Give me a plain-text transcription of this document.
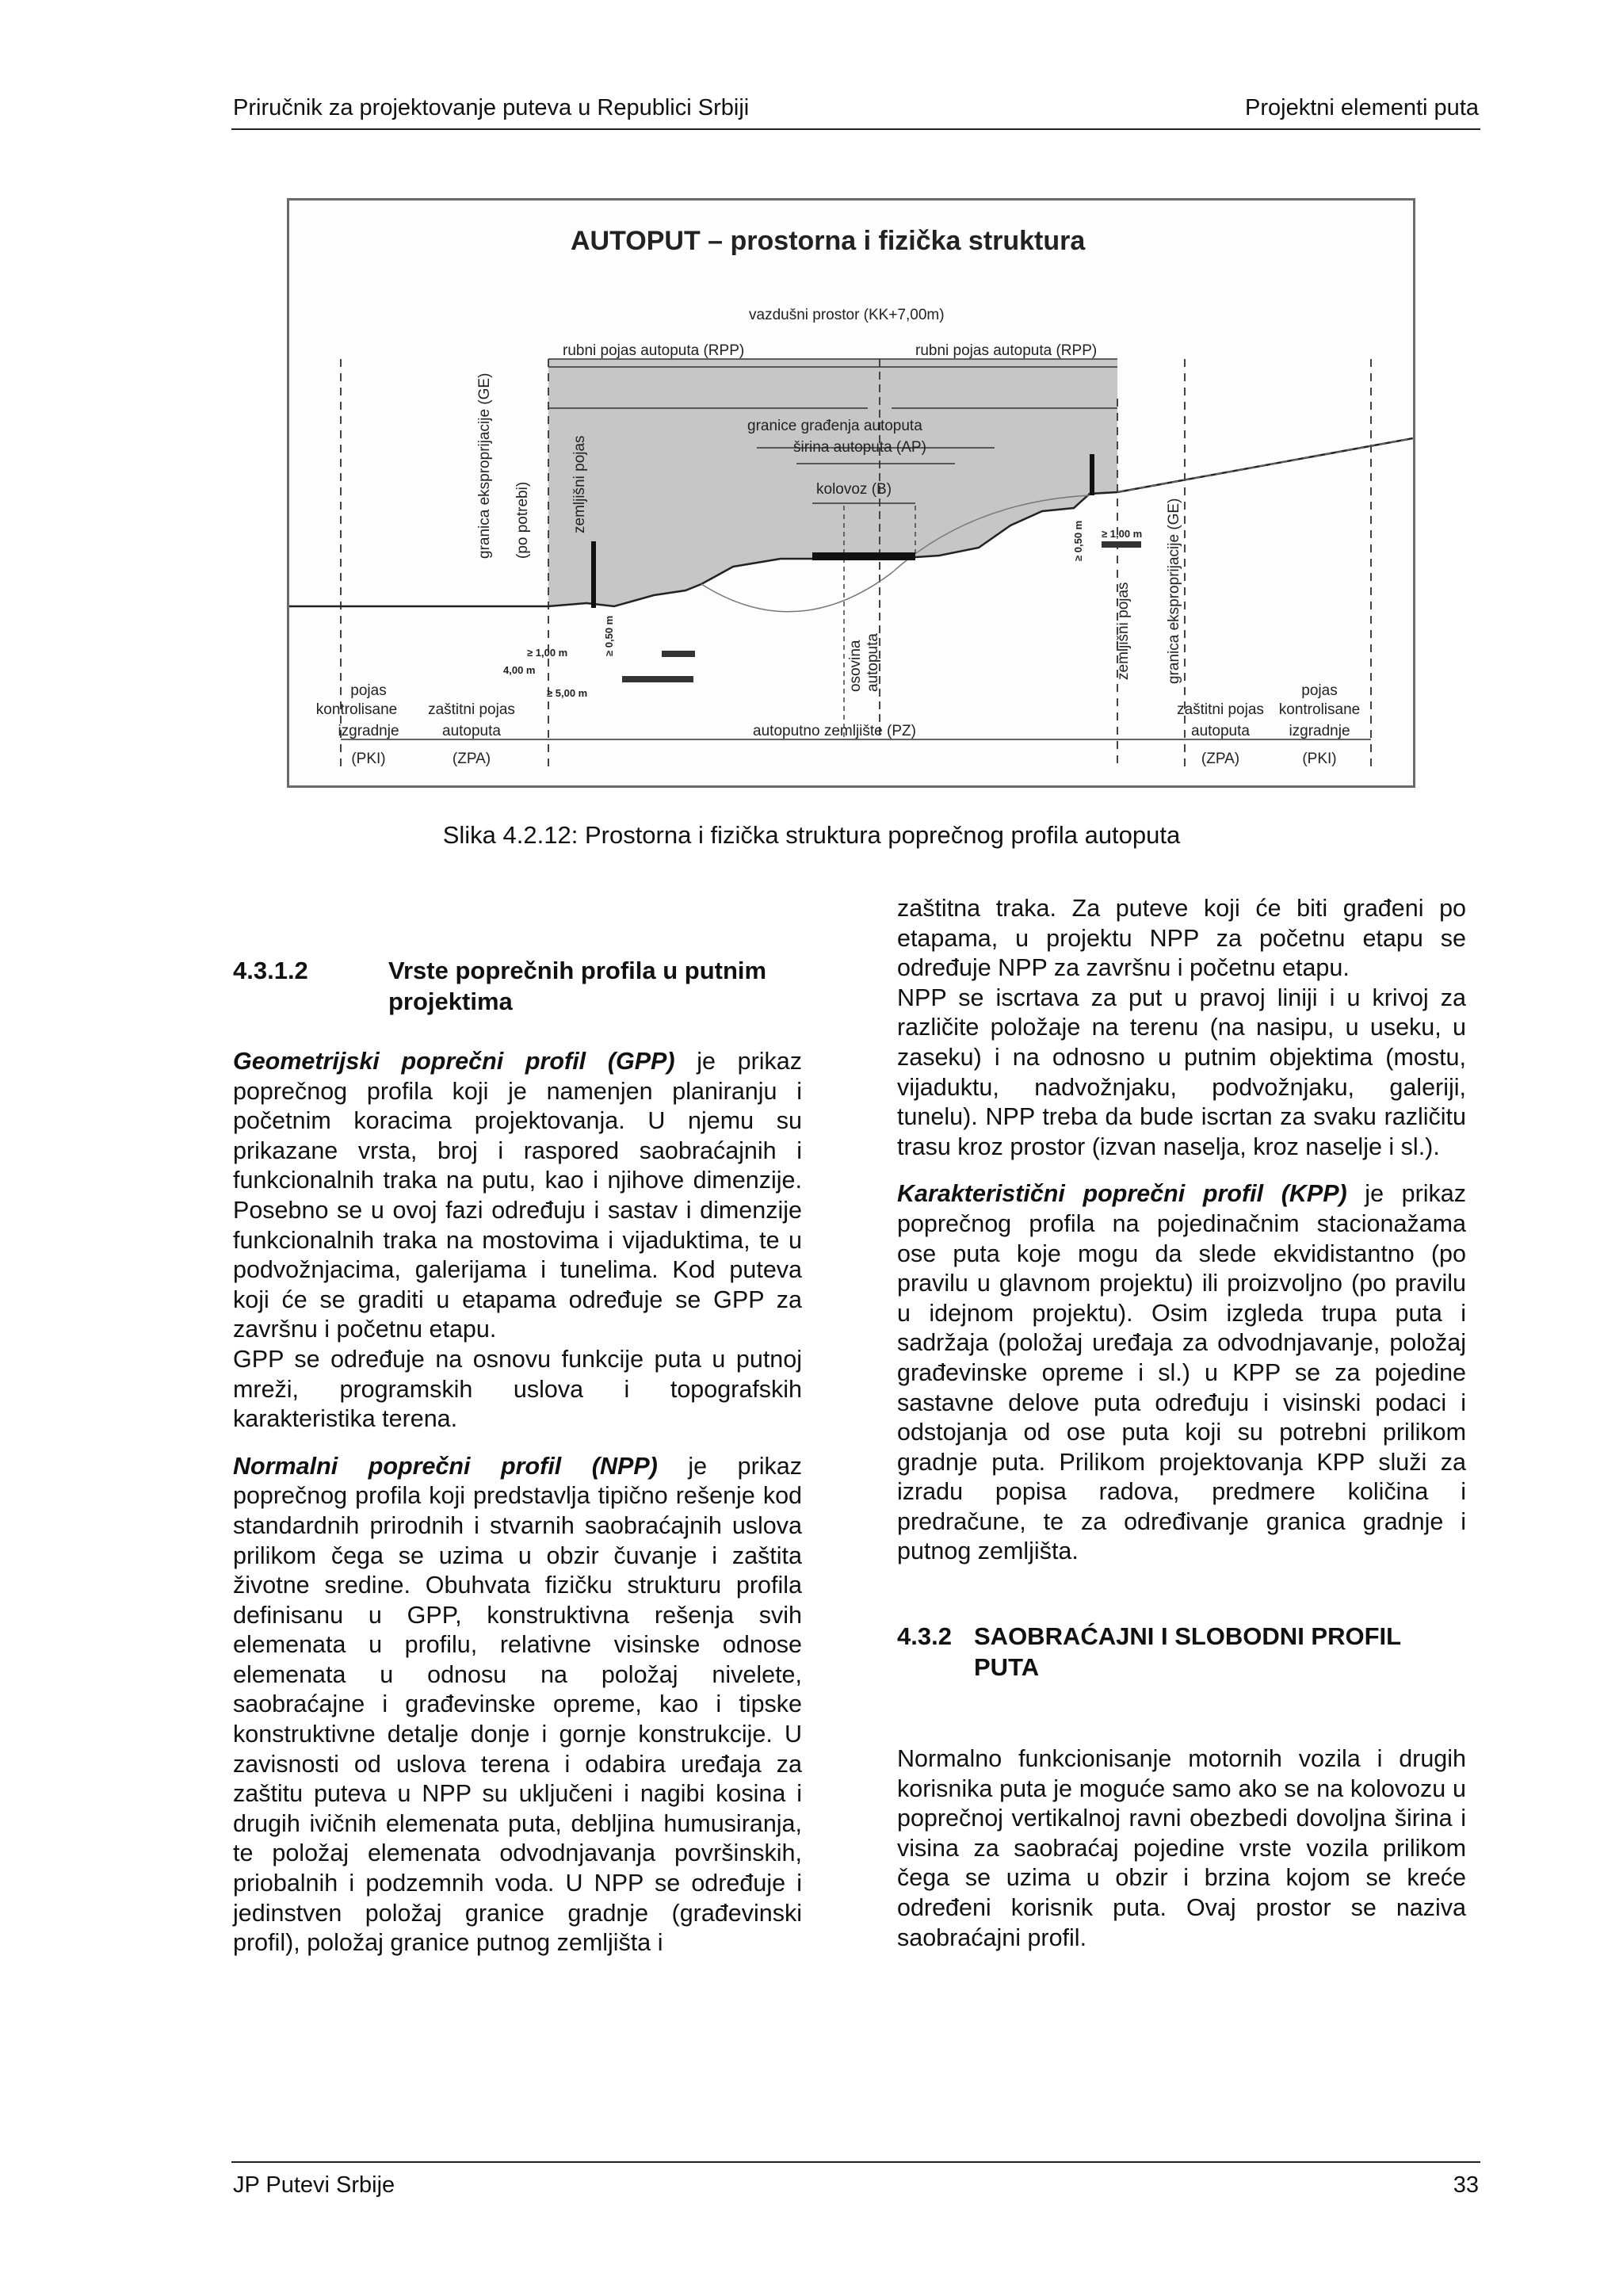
Priručnik za projektovanje puteva u Republici Srbiji	Projektni elementi puta
AUTOPUT – prostorna i fizička struktura
vazdušni prostor (KK+7,00m)
rubni pojas autoputa (RPP)	rubni pojas autoputa (RPP)
granice građenja autoputa
širina autoputa (AP)
kolovoz (B)
granica eksproprijacije (GE) (po potrebi)	zemljišni pojas
zemljišni pojas granica eksproprijacije (GE)
osovina autoputa
≥ 1,00 m	≥ 0,50 m
4,00 m
≥ 5,00 m
≥ 0,50 m ≥ 1,00 m
pojas
kontrolisane
izgradnje
(PKI)
zaštitni pojas
autoputa
(ZPA)
autoputno zemljište (PZ)
zaštitni pojas
autoputa
(ZPA)
pojas
kontrolisane
izgradnje
(PKI)
Slika 4.2.12: Prostorna i fizička struktura poprečnog profila autoputa
4.3.1.2	Vrste poprečnih profila u putnim projektima

Geometrijski poprečni profil (GPP) je prikaz poprečnog profila koji je namenjen planiranju i početnim koracima projektovanja. U njemu su prikazane vrsta, broj i raspored saobraćajnih i funkcionalnih traka na putu, kao i njihove dimenzije. Posebno se u ovoj fazi određuju i sastav i dimenzije funkcionalnih traka na mostovima i vijaduktima, te u podvožnjacima, galerijama i tunelima. Kod puteva koji će se graditi u etapama određuje se GPP za završnu i početnu etapu.

GPP se određuje na osnovu funkcije puta u putnoj mreži, programskih uslova i topografskih karakteristika terena.

Normalni poprečni profil (NPP) je prikaz poprečnog profila koji predstavlja tipično rešenje kod standardnih prirodnih i stvarnih saobraćajnih uslova prilikom čega se uzima u obzir čuvanje i zaštita životne sredine. Obuhvata fizičku strukturu profila definisanu u GPP, konstruktivna rešenja svih elemenata u profilu, relativne visinske odnose elemenata u odnosu na položaj nivelete, saobraćajne i građevinske opreme, kao i tipske konstruktivne detalje donje i gornje konstrukcije. U zavisnosti od uslova terena i odabira uređaja za zaštitu puteva u NPP su uključeni i nagibi kosina i drugih ivičnih elemenata puta, debljina humusiranja, te položaj elemenata odvodnjavanja površinskih, priobalnih i podzemnih voda. U NPP se određuje i jedinstven položaj granice gradnje (građevinski profil), položaj granice putnog zemljišta i

zaštitna traka. Za puteve koji će biti građeni po etapama, u projektu NPP za početnu etapu se određuje NPP za završnu i početnu etapu.

NPP se iscrtava za put u pravoj liniji i u krivoj za različite položaje na terenu (na nasipu, u useku, u zaseku) i na odnosno u putnim objektima (mostu, vijaduktu, nadvožnjaku, podvožnjaku, galeriji, tunelu). NPP treba da bude iscrtan za svaku različitu trasu kroz prostor (izvan naselja, kroz naselje i sl.).

Karakteristični poprečni profil (KPP) je prikaz poprečnog profila na pojedinačnim stacionažama ose puta koje mogu da slede ekvidistantno (po pravilu u glavnom projektu) ili proizvoljno (po pravilu u idejnom projektu). Osim izgleda trupa puta i sadržaja (položaj uređaja za odvodnjavanje, položaj građevinske opreme i sl.) u KPP se za pojedine sastavne delove puta određuju i visinski podaci i odstojanja od ose puta koji su potrebni prilikom gradnje puta. Prilikom projektovanja KPP služi za izradu popisa radova, predmere količina i predračune, te za određivanje granica gradnje i putnog zemljišta.

4.3.2 SAOBRAĆAJNI I SLOBODNI PROFIL PUTA

Normalno funkcionisanje motornih vozila i drugih korisnika puta je moguće samo ako se na kolovozu u poprečnoj vertikalnoj ravni obezbedi dovoljna širina i visina za saobraćaj pojedine vrste vozila prilikom čega se uzima u obzir i brzina kojom se kreće određeni korisnik puta. Ovaj prostor se naziva saobraćajni profil.

JP Putevi Srbije	33
